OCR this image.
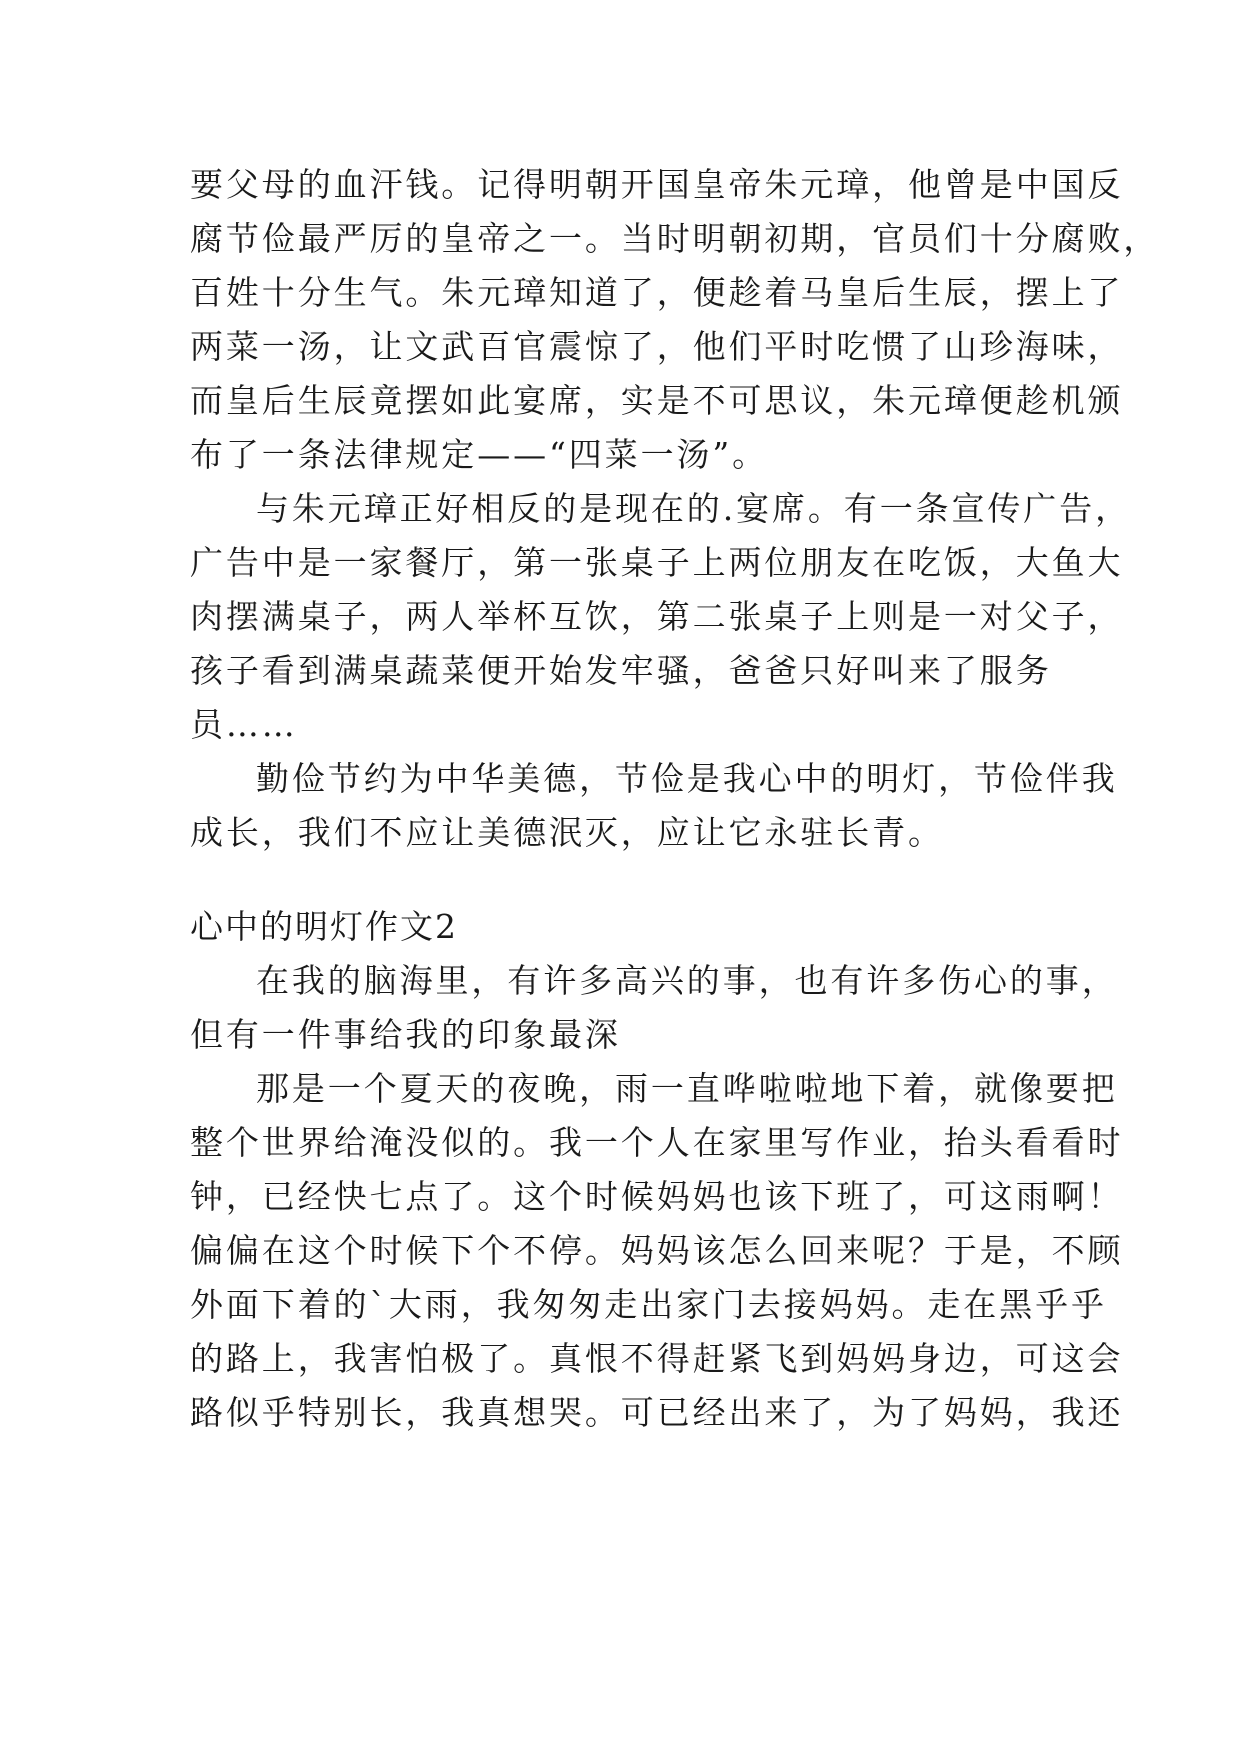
要父母的血汗钱。记得明朝开国皇帝朱元璋，他曾是中国反
腐节俭最严厉的皇帝之一。当时明朝初期，官员们十分腐败，
百姓十分生气。朱元璋知道了，便趁着马皇后生辰，摆上了
两菜一汤，让文武百官震惊了，他们平时吃惯了山珍海味，
而皇后生辰竟摆如此宴席，实是不可思议，朱元璋便趁机颁
布了一条法律规定——“四菜一汤”。
与朱元璋正好相反的是现在的.宴席。有一条宣传广告，
广告中是一家餐厅，第一张桌子上两位朋友在吃饭，大鱼大
肉摆满桌子，两人举杯互饮，第二张桌子上则是一对父子，
孩子看到满桌蔬菜便开始发牢骚，爸爸只好叫来了服务
员……
勤俭节约为中华美德，节俭是我心中的明灯，节俭伴我
成长，我们不应让美德泯灭，应让它永驻长青。
心中的明灯作文2
在我的脑海里，有许多高兴的事，也有许多伤心的事，
但有一件事给我的印象最深
那是一个夏天的夜晚，雨一直哗啦啦地下着，就像要把
整个世界给淹没似的。我一个人在家里写作业，抬头看看时
钟，已经快七点了。这个时候妈妈也该下班了，可这雨啊！
偏偏在这个时候下个不停。妈妈该怎么回来呢？于是，不顾
外面下着的`大雨，我匆匆走出家门去接妈妈。走在黑乎乎
的路上，我害怕极了。真恨不得赶紧飞到妈妈身边，可这会
路似乎特别长，我真想哭。可已经出来了，为了妈妈，我还
